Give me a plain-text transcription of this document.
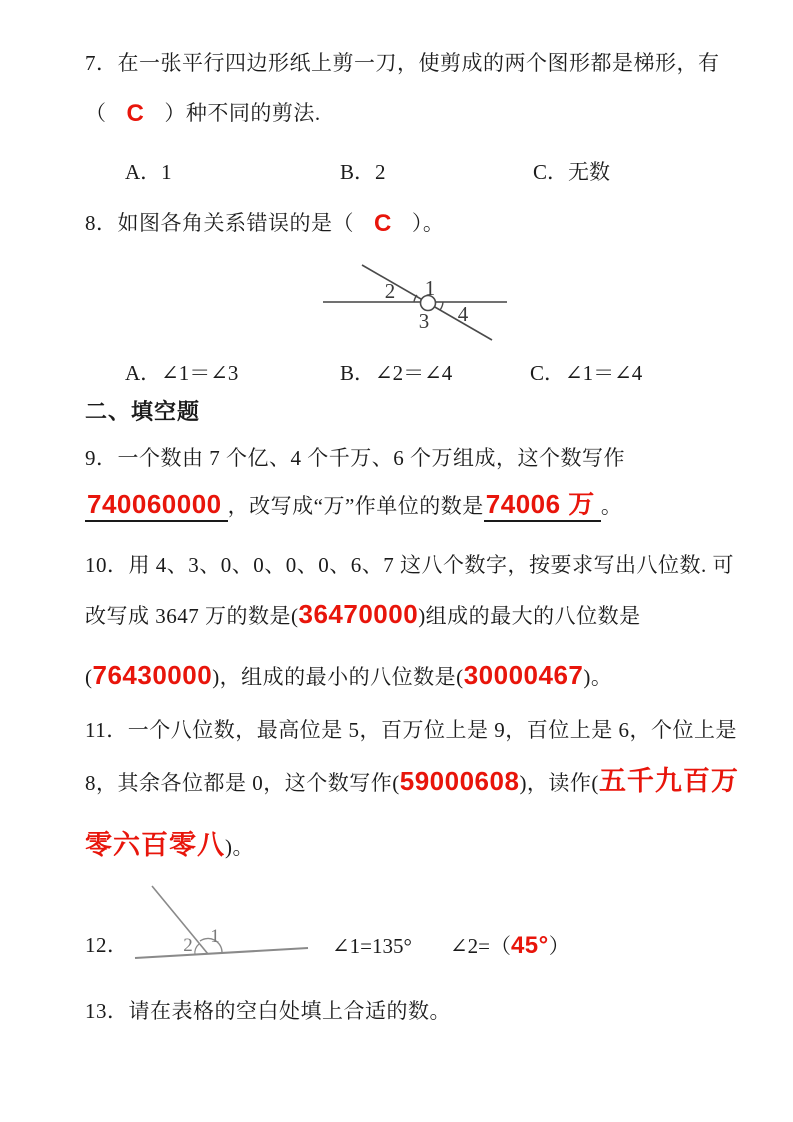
7．在一张平行四边形纸上剪一刀，使剪成的两个图形都是梯形，有
（ C ）种不同的剪法.
A．1	B．2	C．无数
8．如图各角关系错误的是（ C ）。
1
2
3 4
A．∠1＝∠3	B．∠2＝∠4	C．∠1＝∠4
二、填空题
9．一个数由 7 个亿、4 个千万、6 个万组成，这个数写作
740060000 ，改写成“万”作单位的数是74006 万 。
10．用 4、3、0、0、0、0、6、7 这八个数字，按要求写出八位数. 可
改写成 3647 万的数是(36470000)组成的最大的八位数是
(76430000)，组成的最小的八位数是(30000467)。
11．一个八位数，最高位是 5，百万位上是 9，百位上是 6，个位上是
8，其余各位都是 0，这个数写作(59000608)，读作(五千九百万
零六百零八)。
12．	2 1	∠1=135° ∠2=（45°）
13．请在表格的空白处填上合适的数。
